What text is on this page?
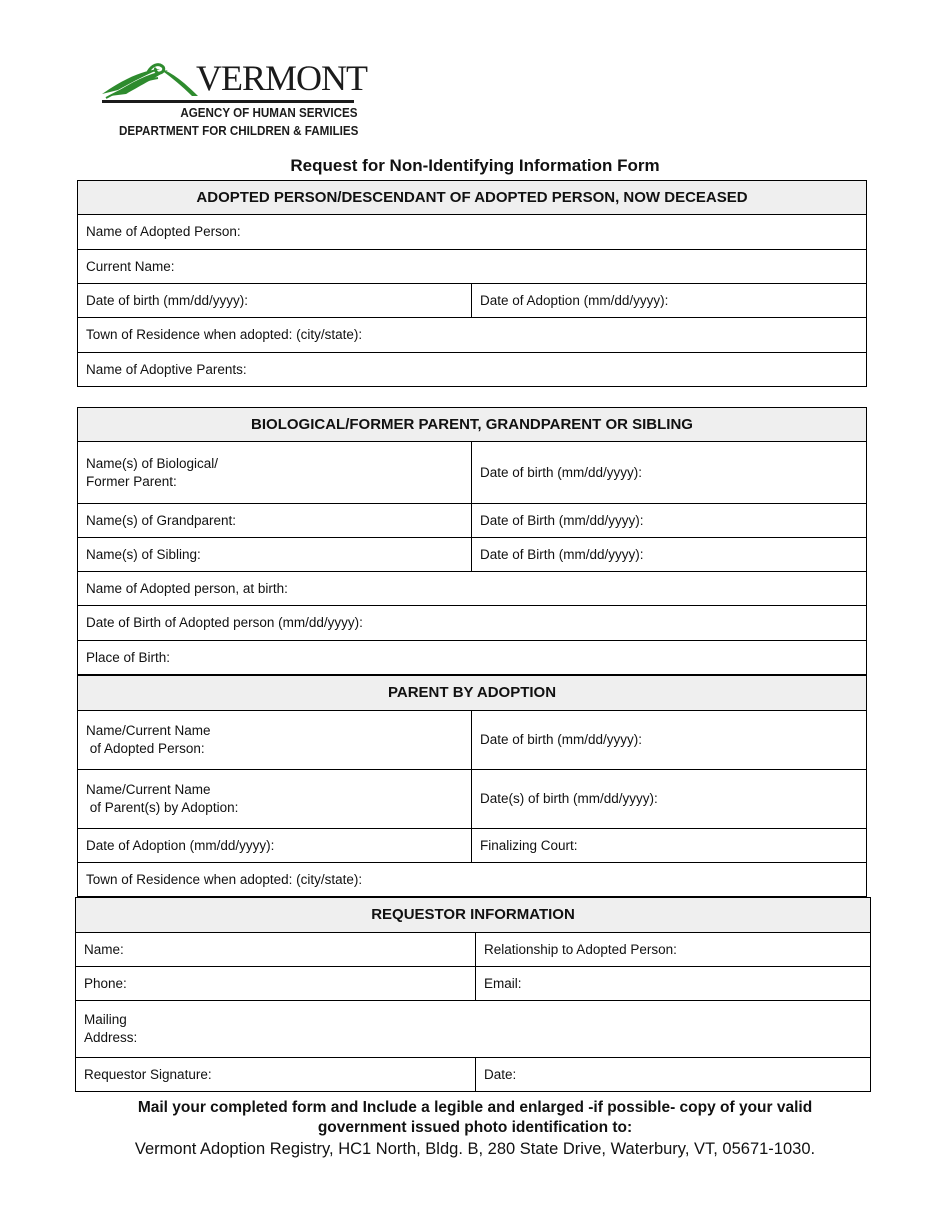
VERMONT
AGENCY OF HUMAN SERVICES
DEPARTMENT FOR CHILDREN & FAMILIES
Request for Non-Identifying Information Form
ADOPTED PERSON/DESCENDANT OF ADOPTED PERSON, NOW DECEASED
Name of Adopted Person:
Current Name:
Date of birth (mm/dd/yyyy):	Date of Adoption (mm/dd/yyyy):
Town of Residence when adopted: (city/state):
Name of Adoptive Parents:
BIOLOGICAL/FORMER PARENT, GRANDPARENT OR SIBLING	

Name(s) of Biological/
Former Parent:	Date of birth (mm/dd/yyyy):
Name(s) of Grandparent:	Date of Birth (mm/dd/yyyy):
Name(s) of Sibling:	Date of Birth (mm/dd/yyyy):
Name of Adopted person, at birth:	
Date of Birth of Adopted person (mm/dd/yyyy):	
Place of Birth:	
PARENT BY ADOPTION	

Name/Current Name
of Adopted Person:	Date of birth (mm/dd/yyyy):

Name/Current Name
of Parent(s) by Adoption:	Date(s) of birth (mm/dd/yyyy):
Date of Adoption (mm/dd/yyyy):	Finalizing Court:
Town of Residence when adopted: (city/state):	
REQUESTOR INFORMATION	
Name:	Relationship to Adopted Person:
Phone:	Email:

Mailing
Address:	

Requestor Signature:	Date:
Mail your completed form and Include a legible and enlarged -if possible- copy of your valid
government issued photo identification to:
Vermont Adoption Registry, HC1 North, Bldg. B, 280 State Drive, Waterbury, VT, 05671-1030.
